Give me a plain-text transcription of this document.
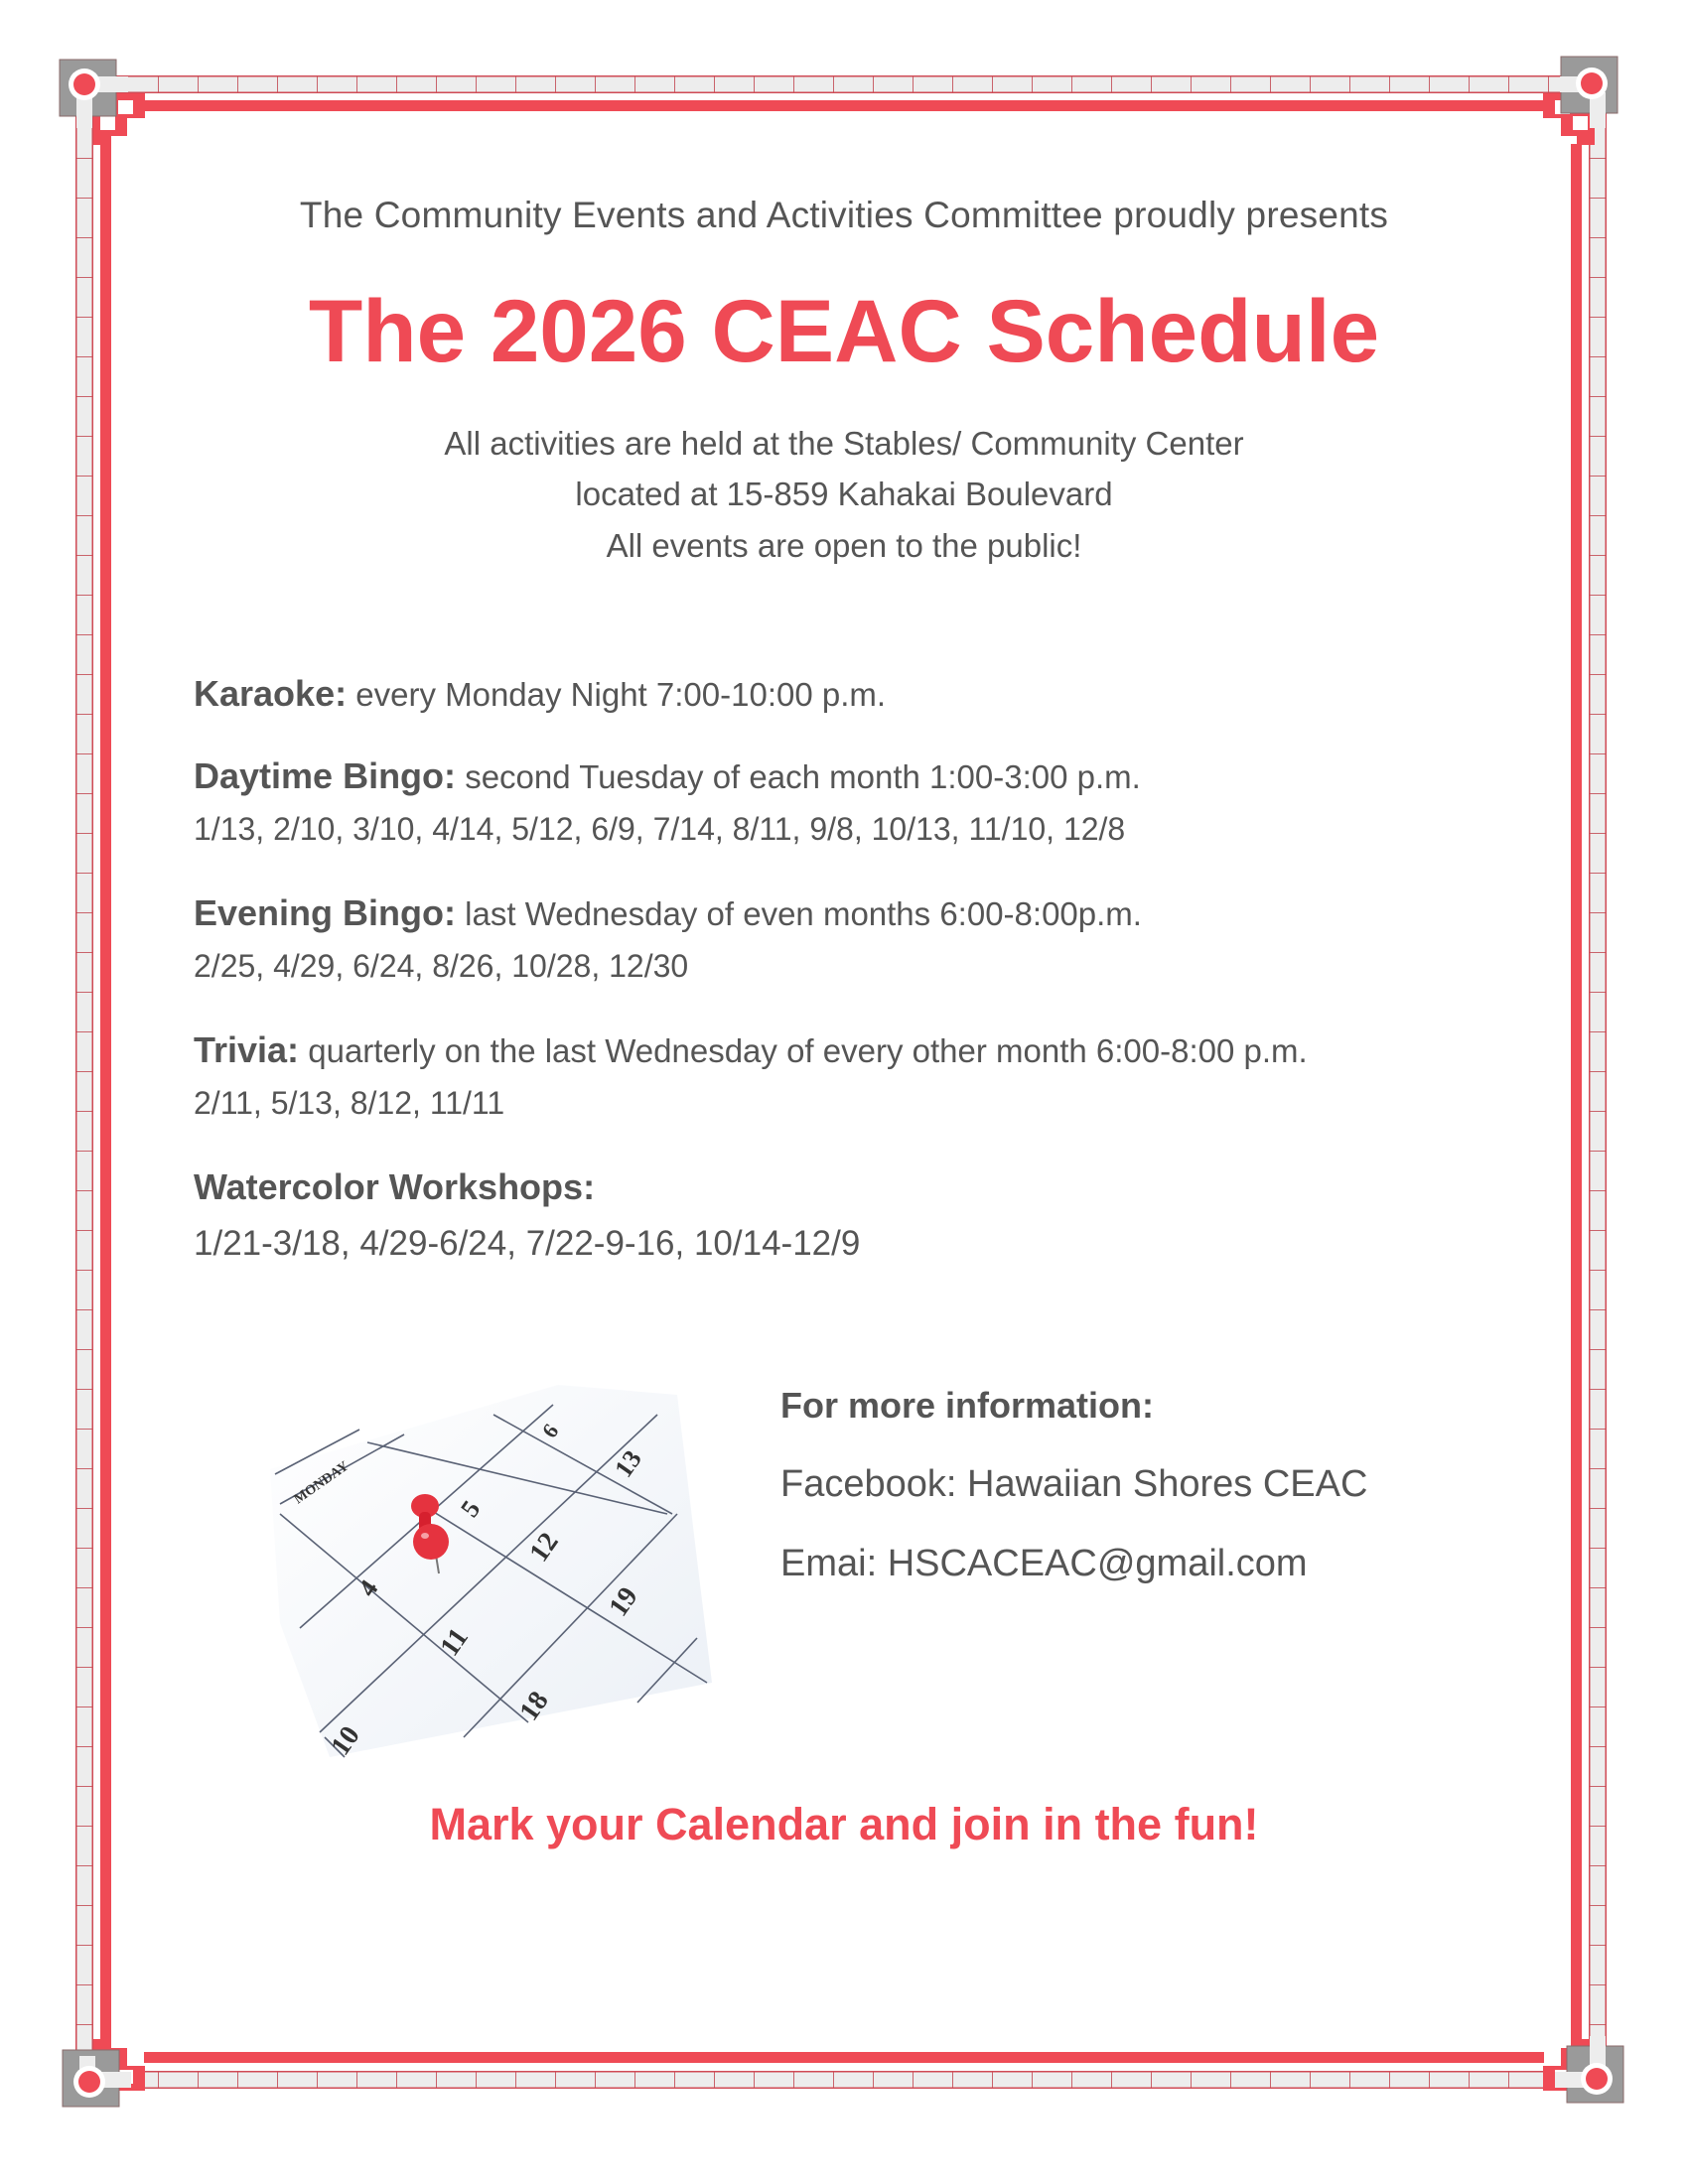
The Community Events and Activities Committee proudly presents
The 2026 CEAC Schedule
All activities are held at the Stables/ Community Center
located at 15-859 Kahakai Boulevard
All events are open to the public!
Karaoke: every Monday Night 7:00-10:00 p.m.
Daytime Bingo: second Tuesday of each month 1:00-3:00 p.m.
1/13, 2/10, 3/10, 4/14, 5/12, 6/9, 7/14, 8/11, 9/8, 10/13, 11/10, 12/8
Evening Bingo: last Wednesday of even months 6:00-8:00p.m.
2/25, 4/29, 6/24, 8/26, 10/28, 12/30
Trivia: quarterly on the last Wednesday of every other month 6:00-8:00 p.m.
2/11, 5/13, 8/12, 11/11
Watercolor Workshops:
1/21-3/18, 4/29-6/24, 7/22-9-16, 10/14-12/9
MONDAY
4
5
6
10
11
12
13
18
19
For more information:
Facebook: Hawaiian Shores CEAC
Emai: HSCACEAC@gmail.com
Mark your Calendar and join in the fun!
